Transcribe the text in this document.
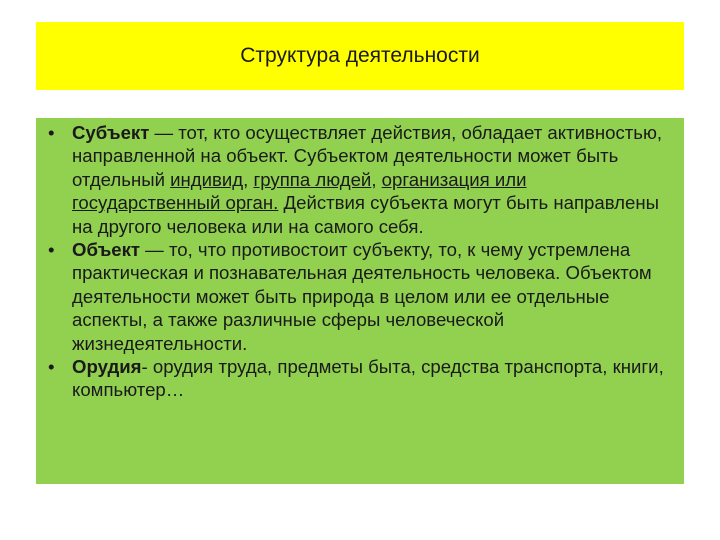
Структура деятельности
• Субъект — тот, кто осуществляет действия, обладает активностью, направленной на объект. Субъектом деятельности может быть отдельный индивид, группа людей, организация или государственный орган. Действия субъекта могут быть направлены на другого человека или на самого себя.
• Объект — то, что противостоит субъекту, то, к чему устремлена практическая и познавательная деятельность человека. Объектом деятельности может быть природа в целом или ее отдельные аспекты, а также различные сферы человеческой жизнедеятельности.
• Орудия- орудия труда, предметы быта, средства транспорта, книги, компьютер…
